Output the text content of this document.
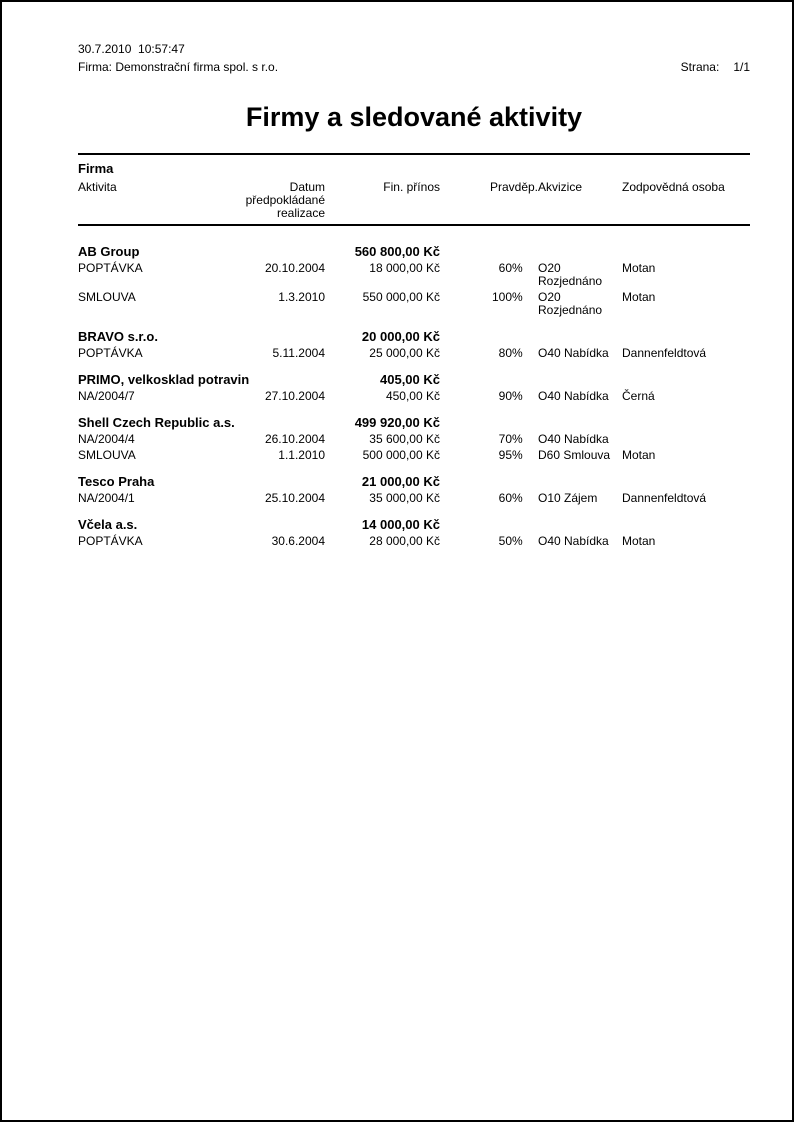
30.7.2010  10:57:47
Firma: Demonstrační firma spol. s r.o.	Strana: 1/1

Firmy a sledované aktivity
Firma						
Aktivita	Datum předpokládané realizace	Fin. přínos	Pravděp.		Akvizice	Zodpovědná osoba
AB Group	560 800,00 Kč					
POPTÁVKA	20.10.2004	18 000,00 Kč	60	%	O20 Rozjednáno	Motan
SMLOUVA	1.3.2010	550 000,00 Kč	100	%	O20 Rozjednáno	Motan
BRAVO s.r.o.	20 000,00 Kč					
POPTÁVKA	5.11.2004	25 000,00 Kč	80	%	O40 Nabídka	Dannenfeldtová
PRIMO, velkosklad potravin	405,00 Kč					
NA/2004/7	27.10.2004	450,00 Kč	90	%	O40 Nabídka	Černá
Shell Czech Republic a.s.	499 920,00 Kč					
NA/2004/4	26.10.2004	35 600,00 Kč	70	%	O40 Nabídka	
SMLOUVA	1.1.2010	500 000,00 Kč	95	%	D60 Smlouva	Motan
Tesco Praha	21 000,00 Kč					
NA/2004/1	25.10.2004	35 000,00 Kč	60	%	O10 Zájem	Dannenfeldtová
Včela a.s.	14 000,00 Kč					
POPTÁVKA	30.6.2004	28 000,00 Kč	50	%	O40 Nabídka	Motan
